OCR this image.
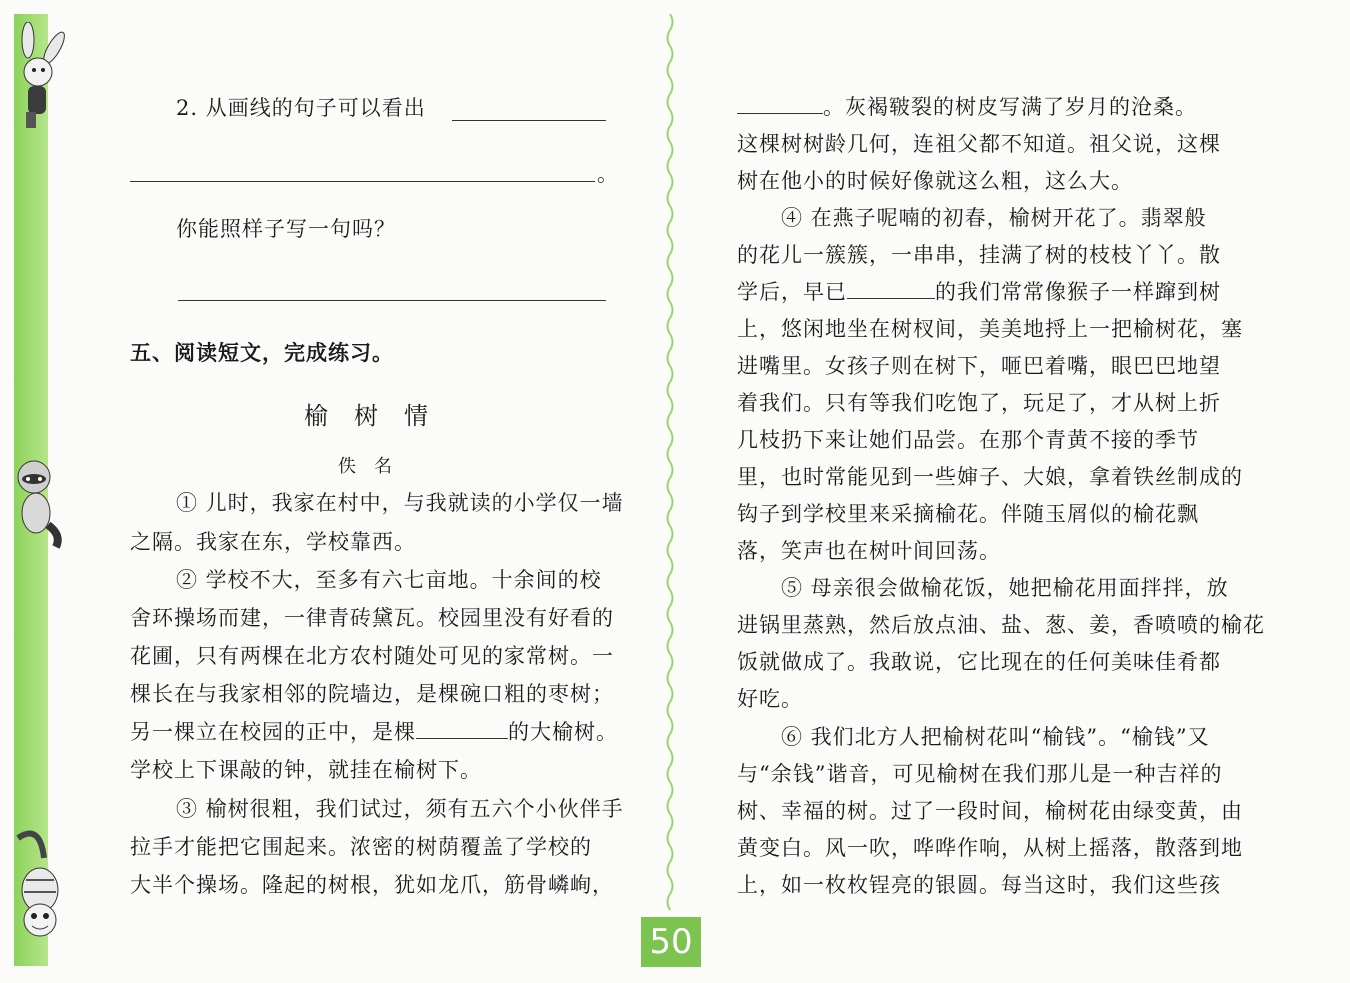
2. 从画线的句子可以看出
。
你能照样子写一句吗？
五、阅读短文，完成练习。
榆树情
佚名
① 儿时，我家在村中，与我就读的小学仅一墙
之隔。我家在东，学校靠西。
② 学校不大，至多有六七亩地。十余间的校
舍环操场而建，一律青砖黛瓦。校园里没有好看的
花圃，只有两棵在北方农村随处可见的家常树。一
棵长在与我家相邻的院墙边，是棵碗口粗的枣树；
另一棵立在校园的正中，是棵	的大榆树。
学校上下课敲的钟，就挂在榆树下。
③ 榆树很粗，我们试过，须有五六个小伙伴手
拉手才能把它围起来。浓密的树荫覆盖了学校的
大半个操场。隆起的树根，犹如龙爪，筋骨嶙峋，
。灰褐皲裂的树皮写满了岁月的沧桑。
这棵树树龄几何，连祖父都不知道。祖父说，这棵
树在他小的时候好像就这么粗，这么大。
④ 在燕子呢喃的初春，榆树开花了。翡翠般
的花儿一簇簇，一串串，挂满了树的枝枝丫丫。散
学后，早已	的我们常常像猴子一样蹿到树
上，悠闲地坐在树杈间，美美地捋上一把榆树花，塞
进嘴里。女孩子则在树下，咂巴着嘴，眼巴巴地望
着我们。只有等我们吃饱了，玩足了，才从树上折
几枝扔下来让她们品尝。在那个青黄不接的季节
里，也时常能见到一些婶子、大娘，拿着铁丝制成的
钩子到学校里来采摘榆花。伴随玉屑似的榆花飘
落，笑声也在树叶间回荡。
⑤ 母亲很会做榆花饭，她把榆花用面拌拌，放
进锅里蒸熟，然后放点油、盐、葱、姜，香喷喷的榆花
饭就做成了。我敢说，它比现在的任何美味佳肴都
好吃。
⑥ 我们北方人把榆树花叫“榆钱”。“榆钱”又
与“余钱”谐音，可见榆树在我们那儿是一种吉祥的
树、幸福的树。过了一段时间，榆树花由绿变黄，由
黄变白。风一吹，哗哗作响，从树上摇落，散落到地
上，如一枚枚锃亮的银圆。每当这时，我们这些孩
50
